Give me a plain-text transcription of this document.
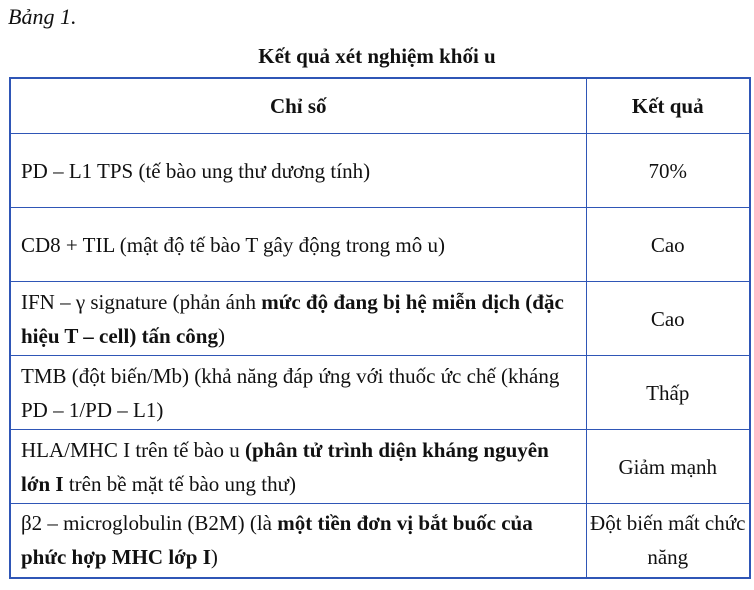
Bảng 1.
Kết quả xét nghiệm khối u
Chỉ số	Kết quả
PD – L1 TPS (tế bào ung thư dương tính)	70%
CD8 + TIL (mật độ tế bào T gây động trong mô u)	Cao
IFN – γ signature (phản ánh mức độ đang bị hệ miễn dịch (đặc hiệu T – cell) tấn công)	Cao
TMB (đột biến/Mb) (khả năng đáp ứng với thuốc ức chế (kháng PD – 1/PD – L1)	Thấp
HLA/MHC I trên tế bào u (phân tử trình diện kháng nguyên lớn I trên bề mặt tế bào ung thư)	Giảm mạnh
β2 – microglobulin (B2M) (là một tiền đơn vị bắt buốc của phức hợp MHC lớp I)	Đột biến mất chức năng
